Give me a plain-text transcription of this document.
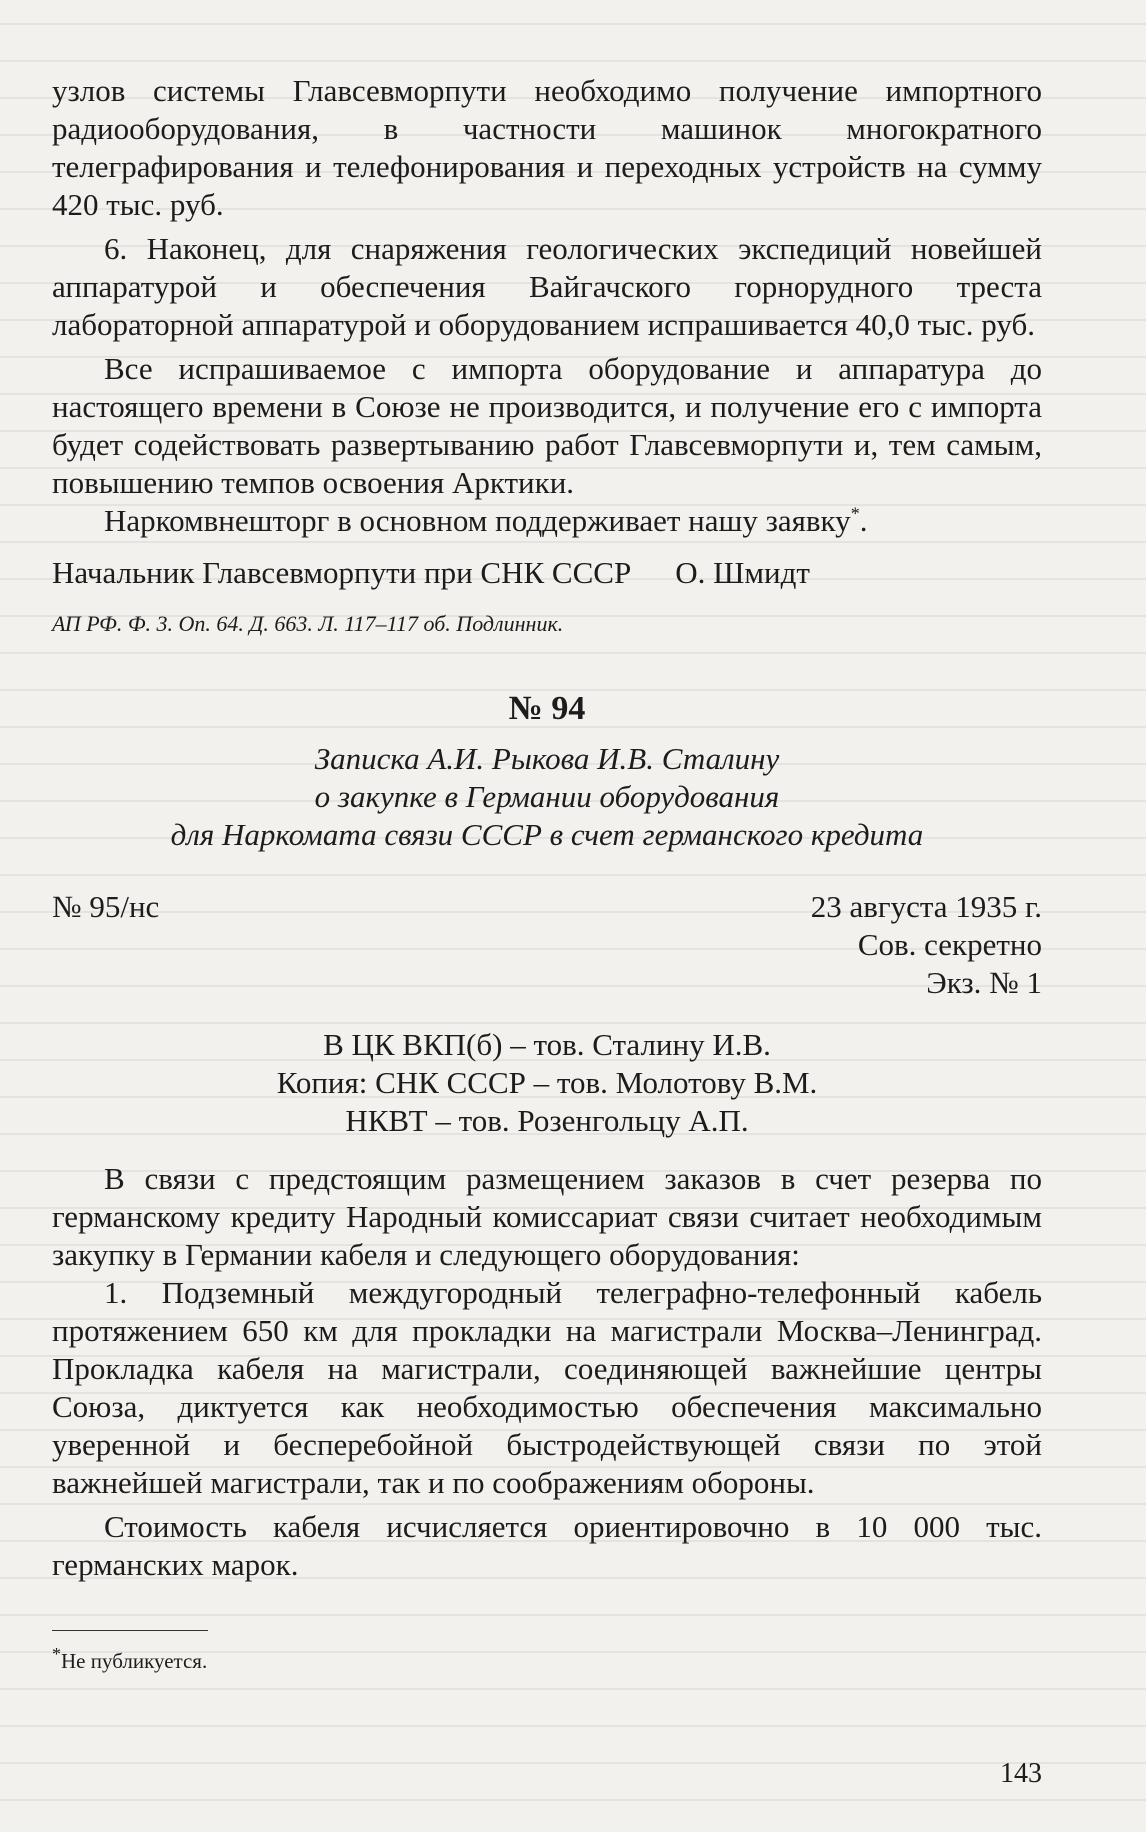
узлов системы Главсевморпути необходимо получение импортного радиооборудования, в частности машинок многократного телеграфирования и телефонирования и переходных устройств на сумму 420 тыс. руб.

6. Наконец, для снаряжения геологических экспедиций новейшей аппаратурой и обеспечения Вайгачского горнорудного треста лабораторной аппаратурой и оборудованием испрашивается 40,0 тыс. руб.

Все испрашиваемое с импорта оборудование и аппаратура до настоящего времени в Союзе не производится, и получение его с импорта будет содействовать развертыванию работ Главсевморпути и, тем самым, повышению темпов освоения Арктики.

Наркомвнешторг в основном поддерживает нашу заявку*.

Начальник Главсевморпути при СНК СССР О. Шмидт

АП РФ. Ф. 3. Оп. 64. Д. 663. Л. 117–117 об. Подлинник.

№ 94
Записка А.И. Рыкова И.В. Сталину
о закупке в Германии оборудования
для Наркомата связи СССР в счет германского кредита
№ 95/нс	23 августа 1935 г.
Сов. секретно
Экз. № 1
В ЦК ВКП(б) – тов. Сталину И.В.
Копия: СНК СССР – тов. Молотову В.М.
НКВТ – тов. Розенгольцу А.П.

В связи с предстоящим размещением заказов в счет резерва по германскому кредиту Народный комиссариат связи считает необходимым закупку в Германии кабеля и следующего оборудования:

1. Подземный междугородный телеграфно-телефонный кабель протяжением 650 км для прокладки на магистрали Москва–Ленинград. Прокладка кабеля на магистрали, соединяющей важнейшие центры Союза, диктуется как необходимостью обеспечения максимально уверенной и бесперебойной быстродействующей связи по этой важнейшей магистрали, так и по соображениям обороны.

Стоимость кабеля исчисляется ориентировочно в 10 000 тыс. германских марок.

*Не публикуется.
143
